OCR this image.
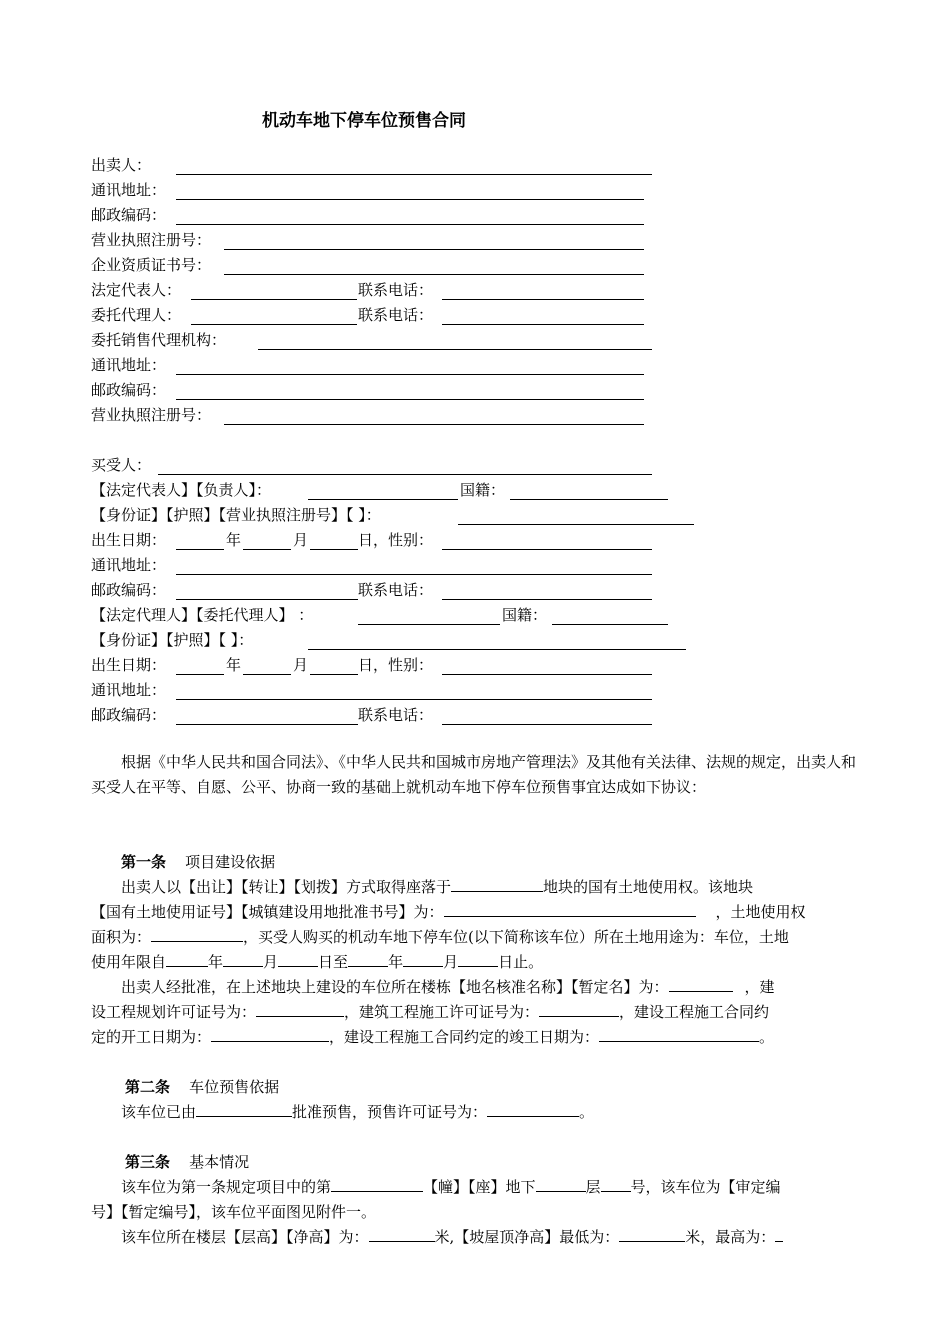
机动车地下停车位预售合同
出卖人：
通讯地址：
邮政编码：
营业执照注册号：
企业资质证书号：
法定代表人：	联系电话：
委托代理人：	联系电话：
委托销售代理机构：
通讯地址：
邮政编码：
营业执照注册号：
买受人：
【法定代表人】【负责人】：	国籍：
【身份证】【护照】【营业执照注册号】【 】：
出生日期：	年	月	日，性别：
通讯地址：
邮政编码：	联系电话：
【法定代理人】【委托代理人】 ：	国籍：
【身份证】【护照】【 】：
出生日期：	年	月	日，性别：
通讯地址：
邮政编码：	联系电话：
根据《中华人民共和国合同法》、《中华人民共和国城市房地产管理法》及其他有关法律、法规的规定，出卖人和买受人在平等、自愿、公平、协商一致的基础上就机动车地下停车位预售事宜达成如下协议：
第一条 项目建设依据
出卖人以【出让】【转让】【划拨】方式取得座落于	地块的国有土地使用权。该地块
【国有土地使用证号】【城镇建设用地批准书号】为：	，土地使用权
面积为：	，买受人购买的机动车地下停车位(以下简称该车位）所在土地用途为：车位，土地
使用年限自	年	月	日至	年	月	日止。
出卖人经批准，在上述地块上建设的车位所在楼栋【地名核准名称】【暂定名】为：	，建
设工程规划许可证号为：	，建筑工程施工许可证号为：	，建设工程施工合同约
定的开工日期为：	，建设工程施工合同约定的竣工日期为：	。
第二条 车位预售依据
该车位已由	批准预售，预售许可证号为：	。
第三条 基本情况
该车位为第一条规定项目中的第	【幢】【座】地下	层 号，该车位为【审定编
号】【暂定编号】，该车位平面图见附件一。
该车位所在楼层【层高】【净高】为：	米,【坡屋顶净高】最低为：	米，最高为：
